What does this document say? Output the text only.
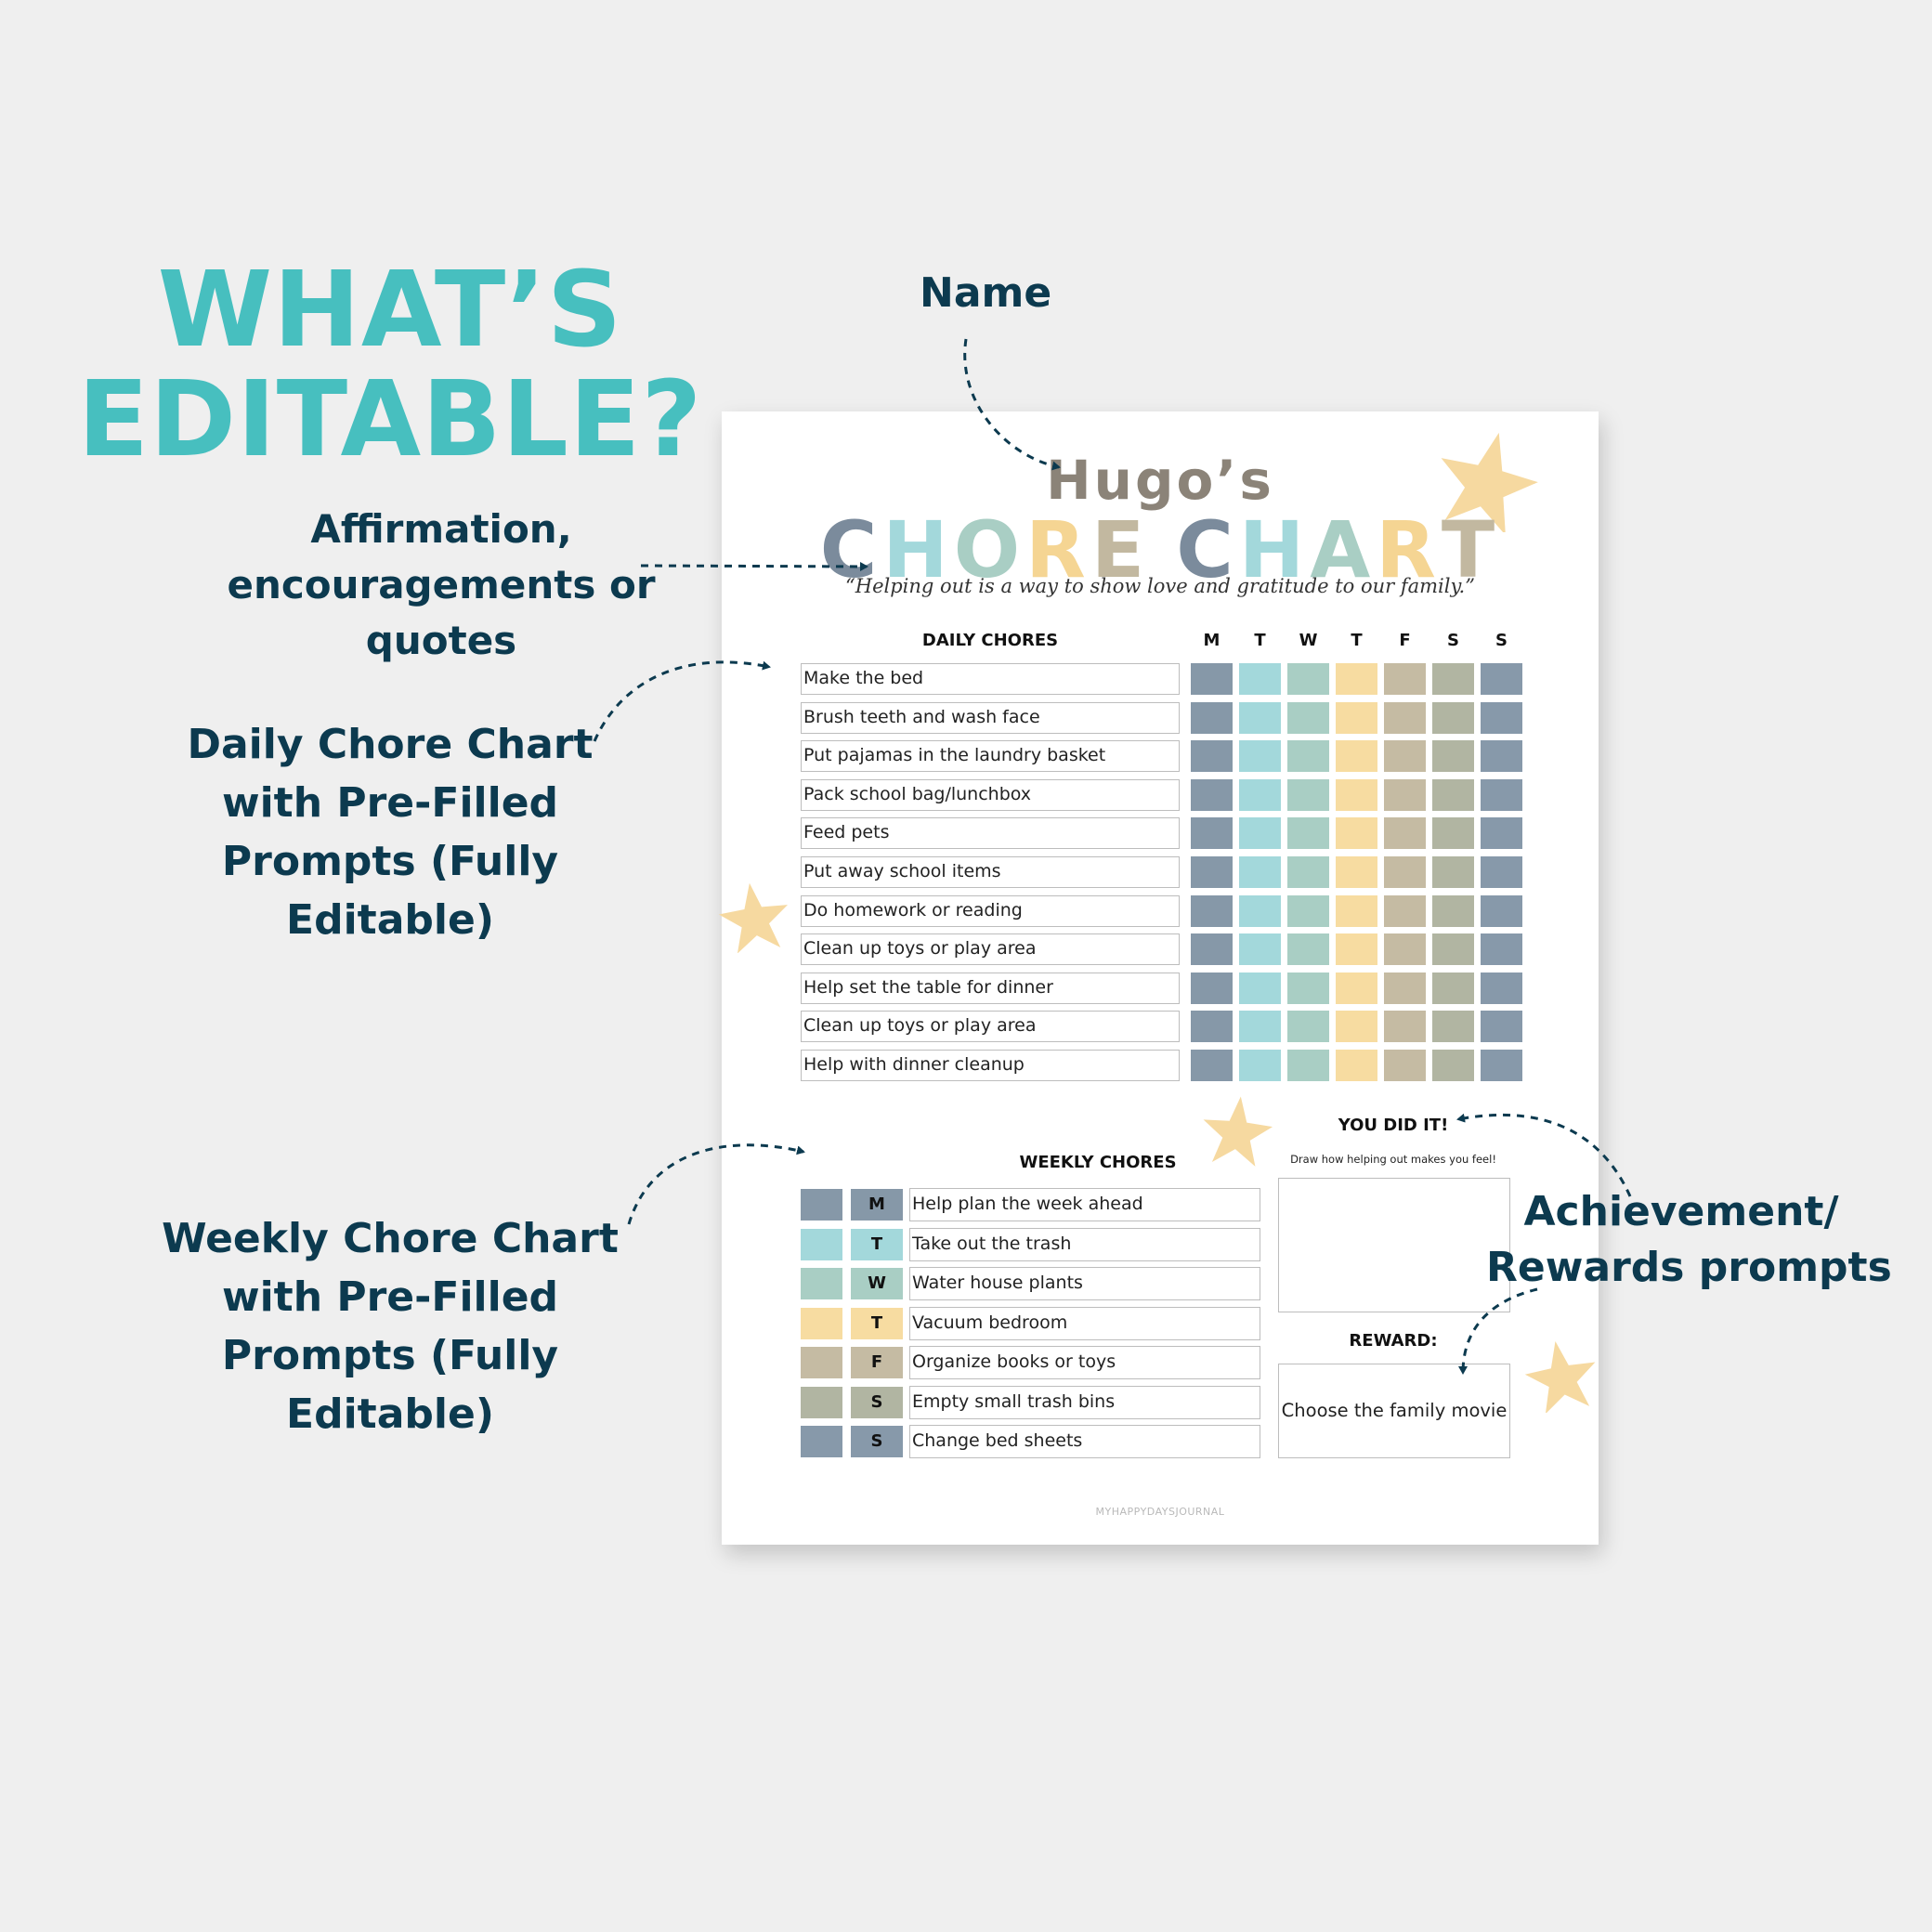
WHAT’S
EDITABLE?
Name
Affirmation,
encouragements or
quotes
Daily Chore Chart
with Pre-Filled
Prompts (Fully
Editable)
Weekly Chore Chart
with Pre-Filled
Prompts (Fully
Editable)
Hugo’s
CHORE CHART
“Helping out is a way to show love and gratitude to our family.”
DAILY CHORES	M	T	W	T	F	S	S
Make the bed
Brush teeth and wash face
Put pajamas in the laundry basket
Pack school bag/lunchbox
Feed pets
Put away school items
Do homework or reading
Clean up toys or play area
Help set the table for dinner
Clean up toys or play area
Help with dinner cleanup
WEEKLY CHORES
M	Help plan the week ahead
T	Take out the trash
W	Water house plants
T	Vacuum bedroom
F	Organize books or toys
S	Empty small trash bins
S	Change bed sheets
YOU DID IT!
Draw how helping out makes you feel!
REWARD:
Choose the family movie
MYHAPPYDAYSJOURNAL
Achievement/
Rewards prompts
